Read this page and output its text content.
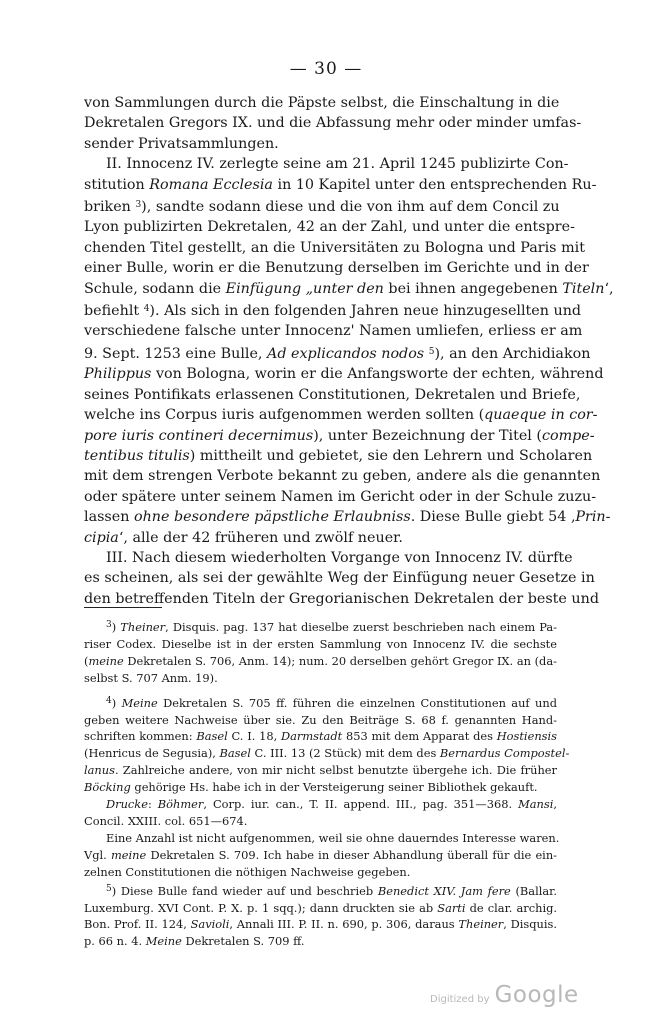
— 30 —
von Sammlungen durch die Päpste selbst, die Einschaltung in die
Dekretalen Gregors IX. und die Abfassung mehr oder minder umfas-
sender Privatsammlungen.
II. Innocenz IV. zerlegte seine am 21. April 1245 publizirte Con-
stitution Romana Ecclesia in 10 Kapitel unter den entsprechenden Ru-
briken $^3$), sandte sodann diese und die von ihm auf dem Concil zu
Lyon publizirten Dekretalen, 42 an der Zahl, und unter die entspre-
chenden Titel gestellt, an die Universitäten zu Bologna und Paris mit
einer Bulle, worin er die Benutzung derselben im Gerichte und in der
Schule, sodann die Einfügung „unter den bei ihnen angegebenen Titeln‘,
befiehlt $^4$). Als sich in den folgenden Jahren neue hinzugesellten und
verschiedene falsche unter Innocenz' Namen umliefen, erliess er am
9. Sept. 1253 eine Bulle, Ad explicandos nodos $^5$), an den Archidiakon
Philippus von Bologna, worin er die Anfangsworte der echten, während
seines Pontifikats erlassenen Constitutionen, Dekretalen und Briefe,
welche ins Corpus iuris aufgenommen werden sollten (quaeque in cor-
pore iuris contineri decernimus), unter Bezeichnung der Titel (compe-
tentibus titulis) mittheilt und gebietet, sie den Lehrern und Scholaren
mit dem strengen Verbote bekannt zu geben, andere als die genannten
oder spätere unter seinem Namen im Gericht oder in der Schule zuzu-
lassen ohne besondere päpstliche Erlaubniss. Diese Bulle giebt 54 ‚Prin-
cipia‘, alle der 42 früheren und zwölf neuer.
III. Nach diesem wiederholten Vorgange von Innocenz IV. dürfte
es scheinen, als sei der gewählte Weg der Einfügung neuer Gesetze in
den betreffenden Titeln der Gregorianischen Dekretalen der beste und
$^3$) Theiner, Disquis. pag. 137 hat dieselbe zuerst beschrieben nach einem Pa-
riser Codex. Dieselbe ist in der ersten Sammlung von Innocenz IV. die sechste
(meine Dekretalen S. 706, Anm. 14); num. 20 derselben gehört Gregor IX. an (da-
selbst S. 707 Anm. 19).
$^4$) Meine Dekretalen S. 705 ff. führen die einzelnen Constitutionen auf und
geben weitere Nachweise über sie. Zu den Beiträge S. 68 f. genannten Hand-
schriften kommen: Basel C. I. 18, Darmstadt 853 mit dem Apparat des Hostiensis
(Henricus de Segusia), Basel C. III. 13 (2 Stück) mit dem des Bernardus Compostel-
lanus. Zahlreiche andere, von mir nicht selbst benutzte übergehe ich. Die früher
Böcking gehörige Hs. habe ich in der Versteigerung seiner Bibliothek gekauft.
Drucke: Böhmer, Corp. iur. can., T. II. append. III., pag. 351—368. Mansi,
Concil. XXIII. col. 651—674.
Eine Anzahl ist nicht aufgenommen, weil sie ohne dauerndes Interesse waren.
Vgl. meine Dekretalen S. 709. Ich habe in dieser Abhandlung überall für die ein-
zelnen Constitutionen die nöthigen Nachweise gegeben.
$^5$) Diese Bulle fand wieder auf und beschrieb Benedict XIV. Jam fere (Ballar.
Luxemburg. XVI Cont. P. X. p. 1 sqq.); dann druckten sie ab Sarti de clar. archig.
Bon. Prof. II. 124, Savioli, Annali III. P. II. n. 690, p. 306, daraus Theiner, Disquis.
p. 66 n. 4. Meine Dekretalen S. 709 ff.
Digitized by Google
